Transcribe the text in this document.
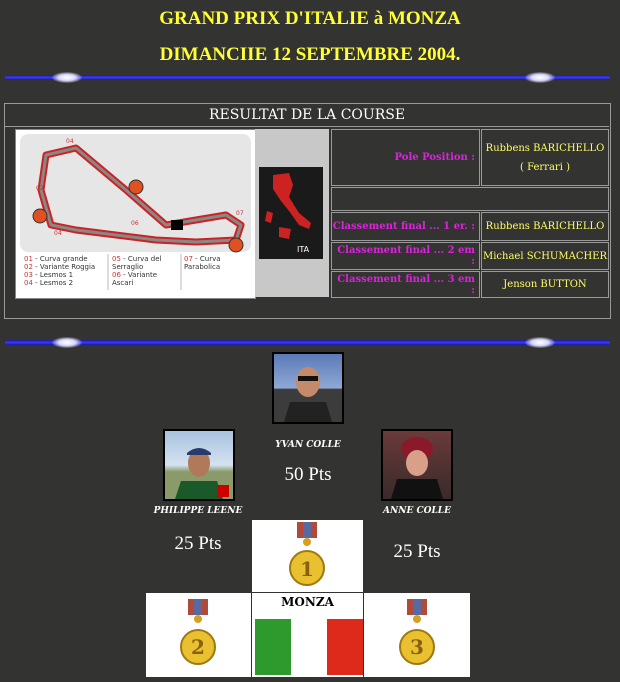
GRAND PRIX D'ITALIE à MONZA
DIMANCIIE 12 SEPTEMBRE 2004.
RESULTAT DE LA COURSE
04
02
04
06
07
01 - Curva grande
02 - Variante Roggia
03 - Lesmos 1
04 - Lesmos 2
05 - Curva del Serraglio
06 - Variante Ascari
07 - Curva Parabolica
ITA
Pole Position :
Rubbens BARICHELLO
( Ferrari )
Classement final ... 1 er. :	Rubbens BARICHELLO
Classement final ... 2 em : Michael SCHUMACHER
Classement final ... 3 em :	Jenson BUTTON
YVAN COLLE
50 Pts
PHILIPPE LEENE
25 Pts
ANNE COLLE
25 Pts
1
MONZA
2	3
